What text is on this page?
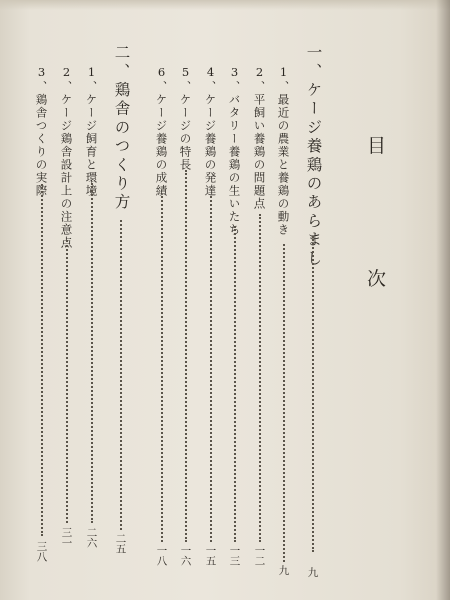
目
次
一、ケージ養鶏のあらまし
九
1、最近の農業と養鶏の動き
九
2、平飼い養鶏の問題点
一二
3、バタリー養鶏の生いたち
一三
4、ケージ養鶏の発達
一五
5、ケージの特長
一六
6、ケージ養鶏の成績
一八
二、鶏舎のつくり方
二五
1、ケージ飼育と環境
二六
2、ケージ鶏舎設計上の注意点
三一
3、鶏舎つくりの実際
三八
